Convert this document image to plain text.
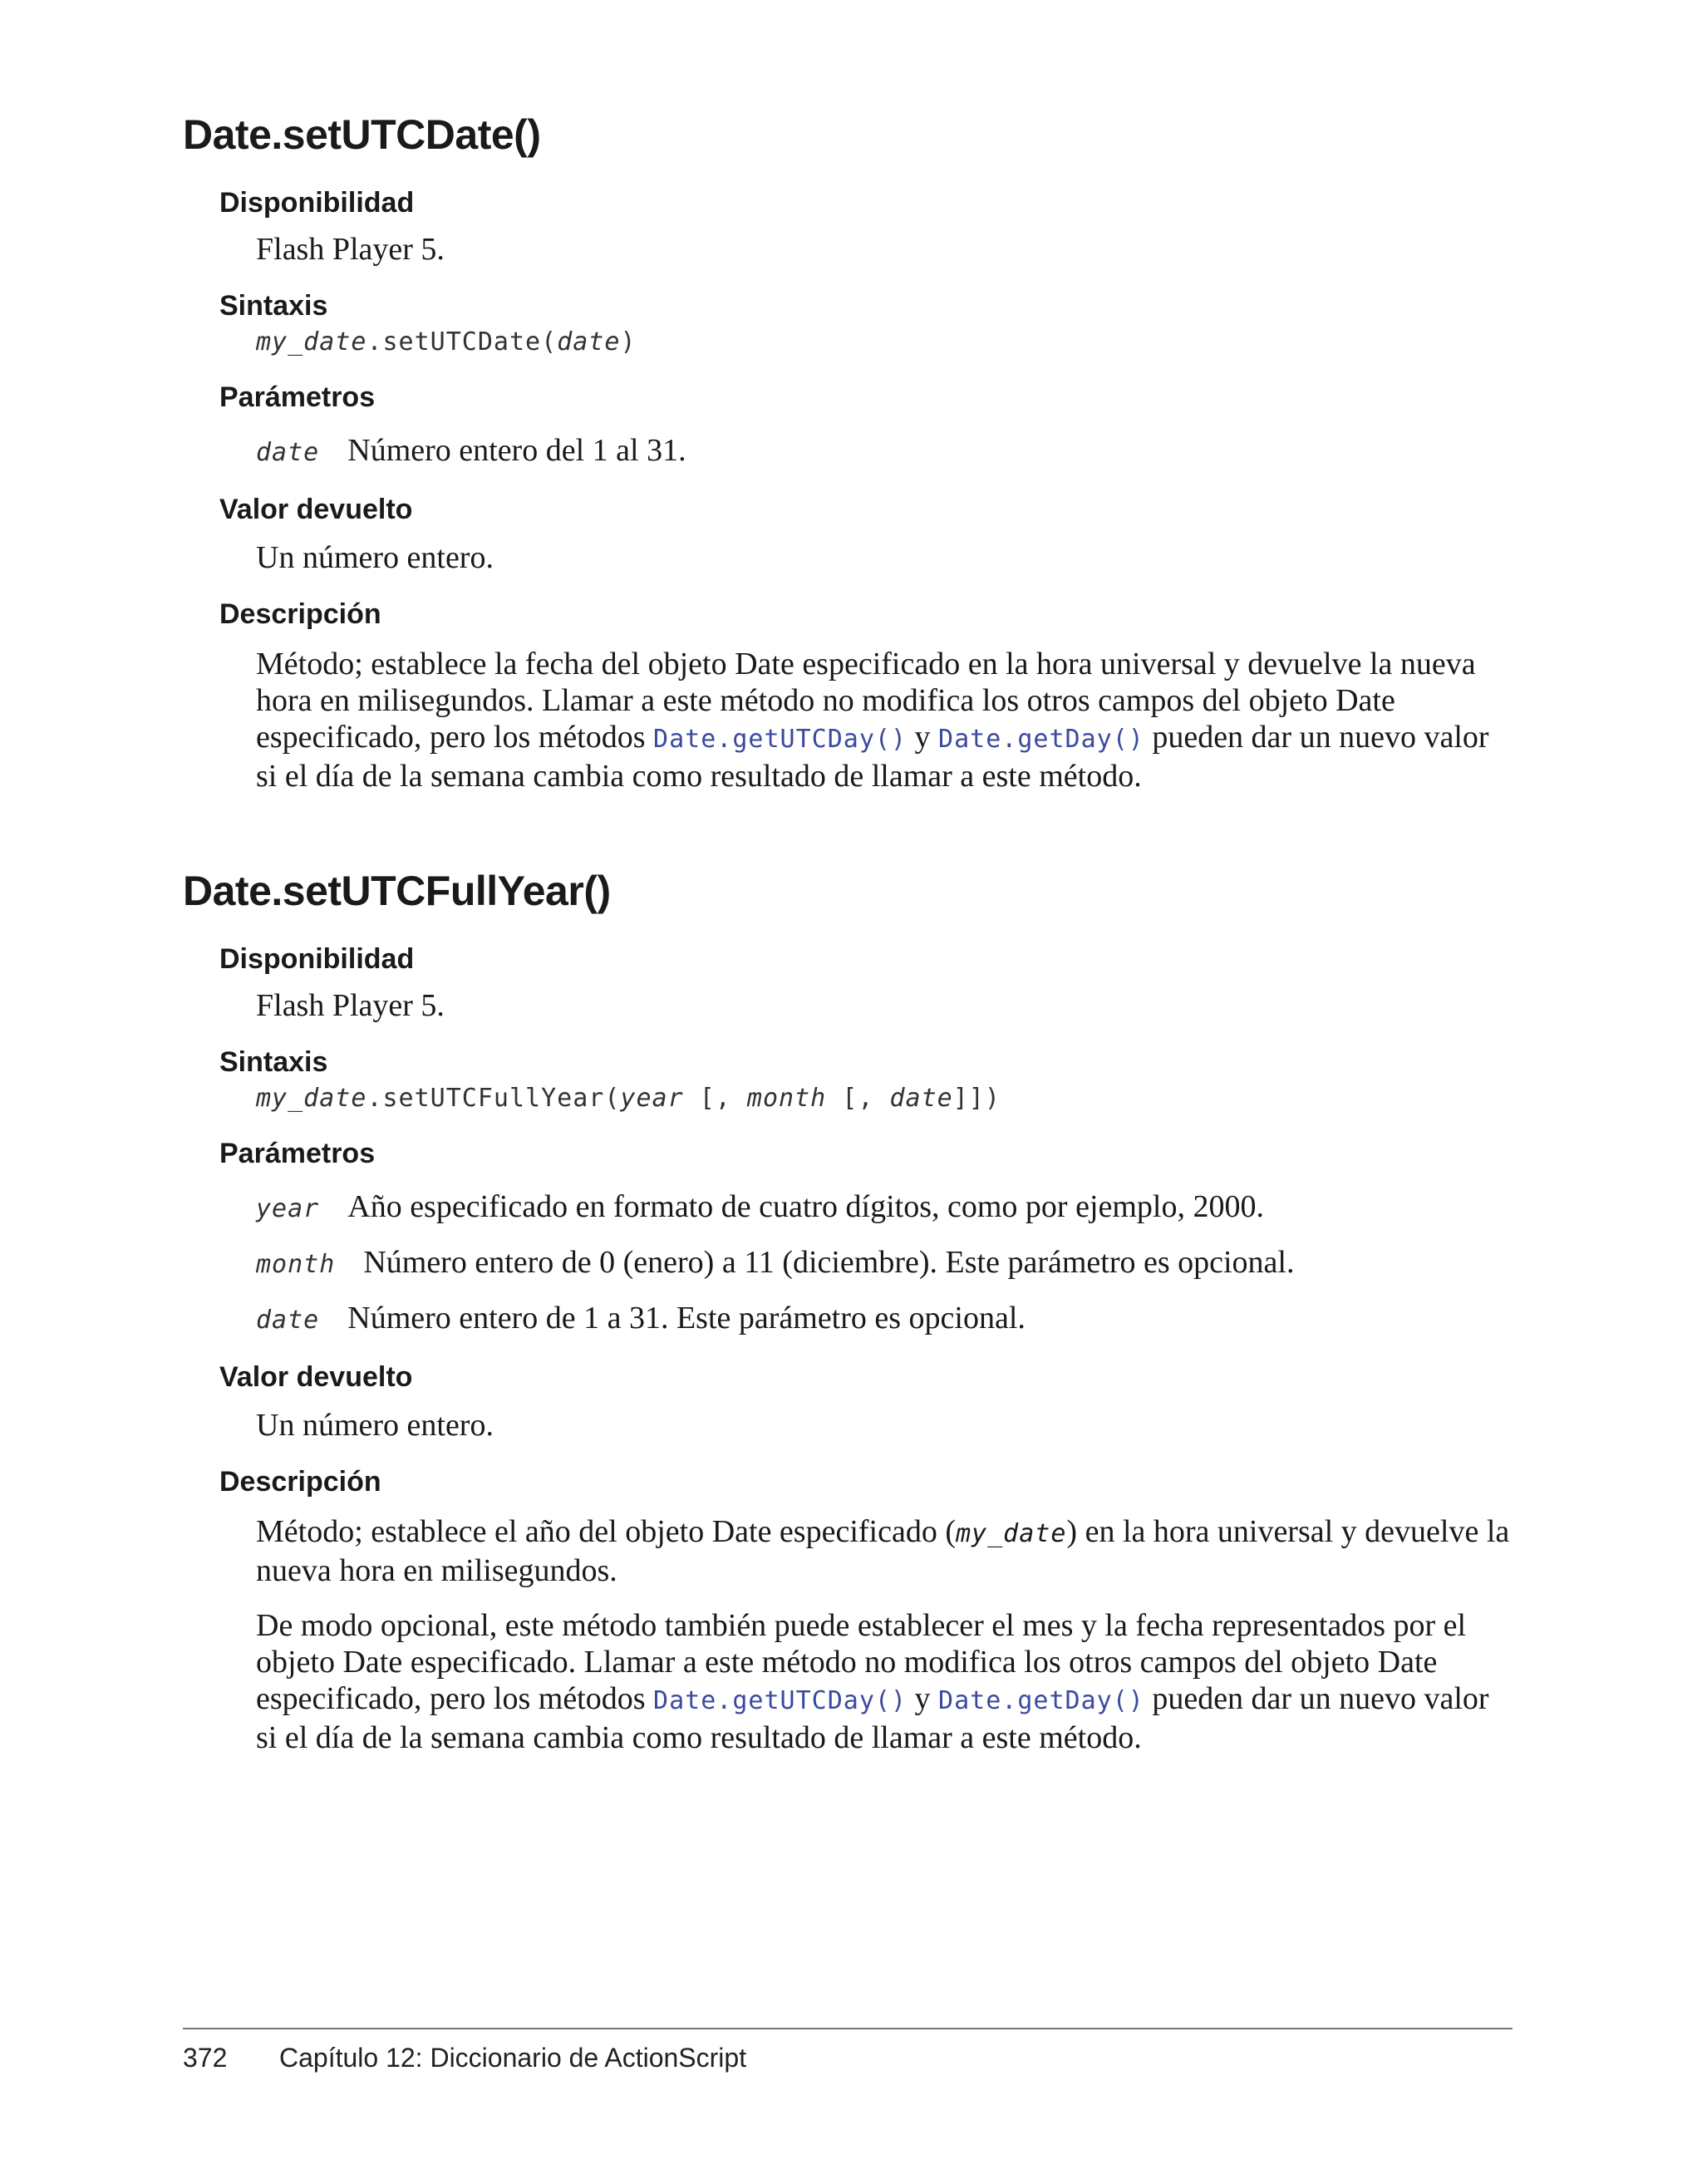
Date.setUTCDate()
Disponibilidad

Flash Player 5.

Sintaxis

my_date.setUTCDate(date)

Parámetros
date Número entero del 1 al 31.
Valor devuelto

Un número entero.

Descripción
Método; establece la fecha del objeto Date especificado en la hora universal y devuelve la nueva
hora en milisegundos. Llamar a este método no modifica los otros campos del objeto Date
especificado, pero los métodos Date.getUTCDay() y Date.getDay() pueden dar un nuevo valor
si el día de la semana cambia como resultado de llamar a este método.
Date.setUTCFullYear()
Disponibilidad

Flash Player 5.

Sintaxis

my_date.setUTCFullYear(year [, month [, date]])

Parámetros
year Año especificado en formato de cuatro dígitos, como por ejemplo, 2000.
month Número entero de 0 (enero) a 11 (diciembre). Este parámetro es opcional.
date Número entero de 1 a 31. Este parámetro es opcional.
Valor devuelto

Un número entero.

Descripción
Método; establece el año del objeto Date especificado (my_date) en la hora universal y devuelve la
nueva hora en milisegundos.
De modo opcional, este método también puede establecer el mes y la fecha representados por el
objeto Date especificado. Llamar a este método no modifica los otros campos del objeto Date
especificado, pero los métodos Date.getUTCDay() y Date.getDay() pueden dar un nuevo valor
si el día de la semana cambia como resultado de llamar a este método.
372 Capítulo 12: Diccionario de ActionScript
